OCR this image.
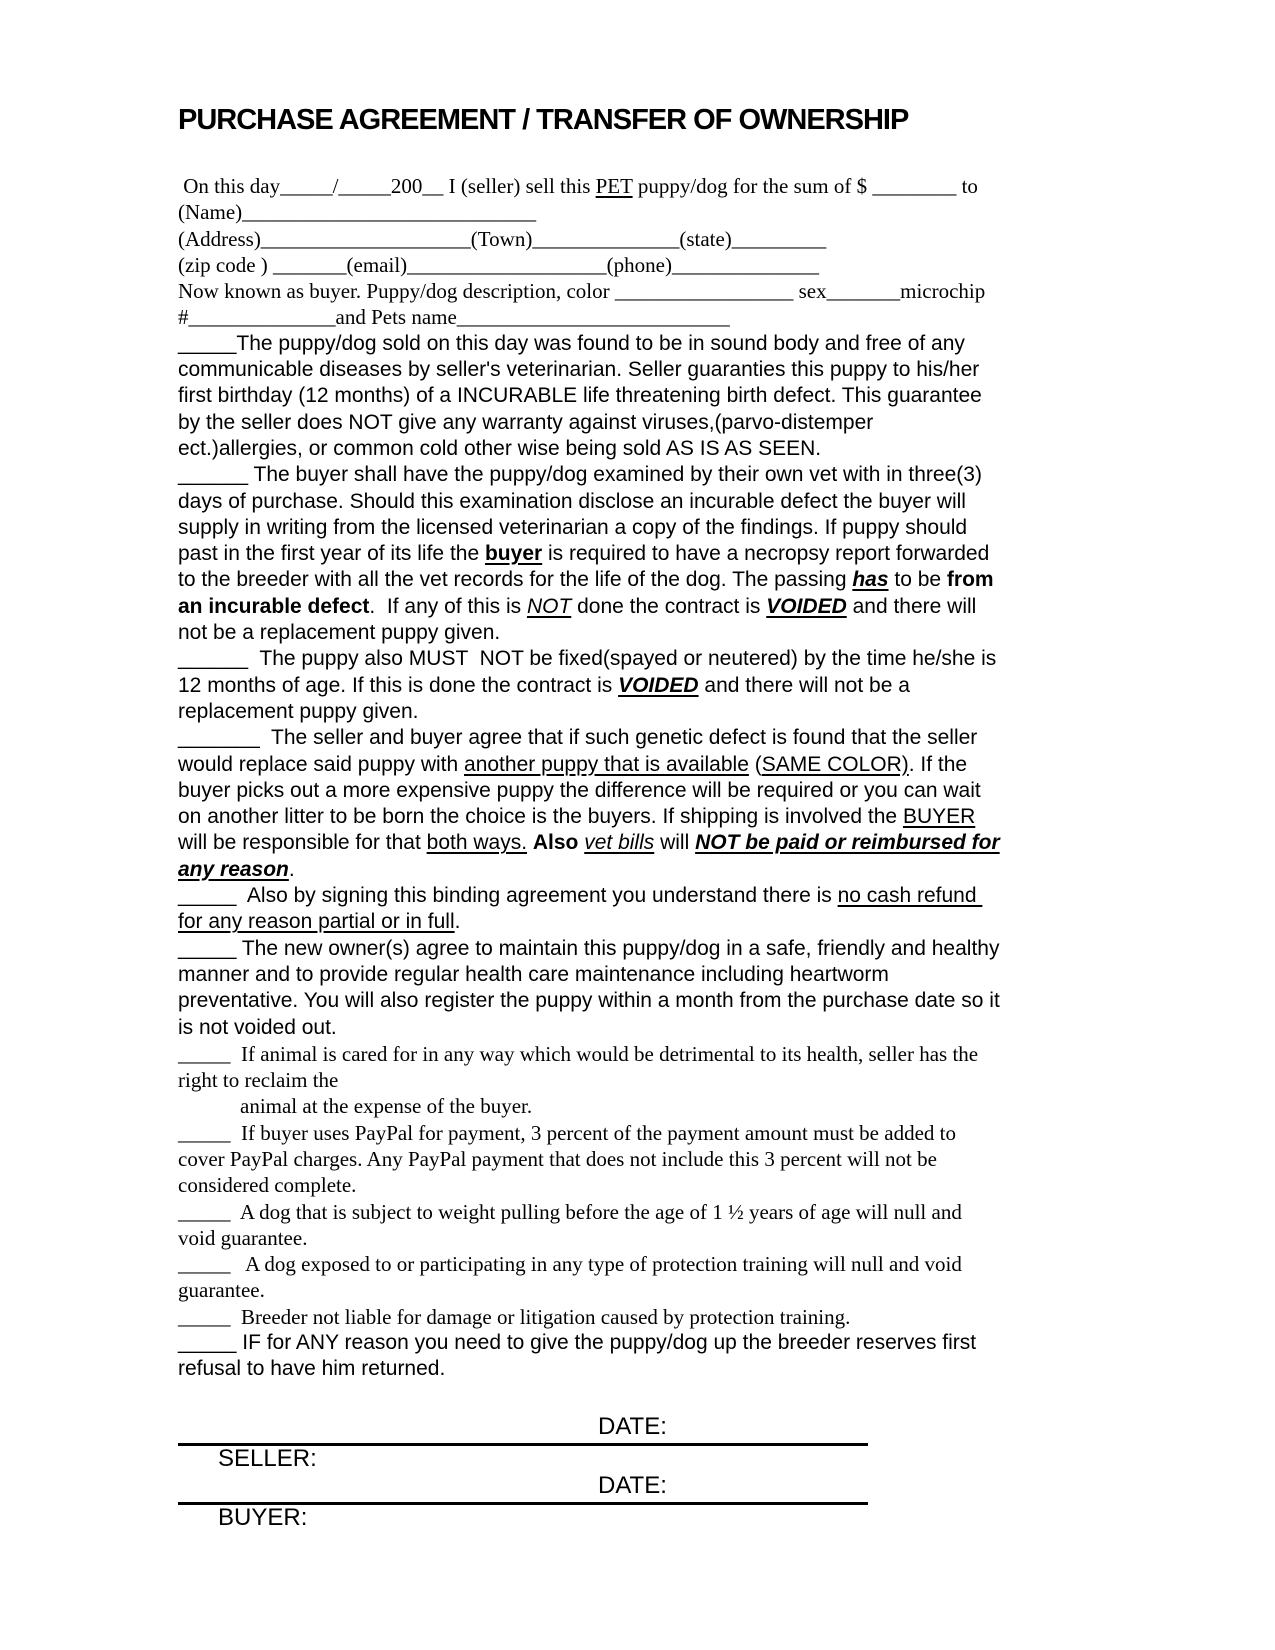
PURCHASE AGREEMENT / TRANSFER OF OWNERSHIP
On this day_____/_____200__ I (seller) sell this PET puppy/dog for the sum of $ ________ to
(Name)____________________________
(Address)____________________(Town)______________(state)_________
(zip code ) _______(email)___________________(phone)______________
Now known as buyer. Puppy/dog description, color _________________ sex_______microchip
#______________and Pets name__________________________
_____The puppy/dog sold on this day was found to be in sound body and free of any
communicable diseases by seller's veterinarian. Seller guaranties this puppy to his/her
first birthday (12 months) of a INCURABLE life threatening birth defect. This guarantee
by the seller does NOT give any warranty against viruses,(parvo-distemper
ect.)allergies, or common cold other wise being sold AS IS AS SEEN.
______ The buyer shall have the puppy/dog examined by their own vet with in three(3)
days of purchase. Should this examination disclose an incurable defect the buyer will
supply in writing from the licensed veterinarian a copy of the findings. If puppy should
past in the first year of its life the buyer is required to have a necropsy report forwarded
to the breeder with all the vet records for the life of the dog. The passing has to be from
an incurable defect.  If any of this is NOT done the contract is VOIDED and there will
not be a replacement puppy given.
______  The puppy also MUST  NOT be fixed(spayed or neutered) by the time he/she is
12 months of age. If this is done the contract is VOIDED and there will not be a
replacement puppy given.
_______  The seller and buyer agree that if such genetic defect is found that the seller
would replace said puppy with another puppy that is available (SAME COLOR). If the
buyer picks out a more expensive puppy the difference will be required or you can wait
on another litter to be born the choice is the buyers. If shipping is involved the BUYER
will be responsible for that both ways. Also vet bills will NOT be paid or reimbursed for
any reason.
_____  Also by signing this binding agreement you understand there is no cash refund
for any reason partial or in full.
_____ The new owner(s) agree to maintain this puppy/dog in a safe, friendly and healthy
manner and to provide regular health care maintenance including heartworm
preventative. You will also register the puppy within a month from the purchase date so it
is not voided out.
_____  If animal is cared for in any way which would be detrimental to its health, seller has the
right to reclaim the
animal at the expense of the buyer.
_____  If buyer uses PayPal for payment, 3 percent of the payment amount must be added to
cover PayPal charges. Any PayPal payment that does not include this 3 percent will not be
considered complete.
_____  A dog that is subject to weight pulling before the age of 1 ½ years of age will null and
void guarantee.
_____   A dog exposed to or participating in any type of protection training will null and void
guarantee.
_____  Breeder not liable for damage or litigation caused by protection training.
_____ IF for ANY reason you need to give the puppy/dog up the breeder reserves first
refusal to have him returned.

SELLER:

DATE:

BUYER:

DATE:
